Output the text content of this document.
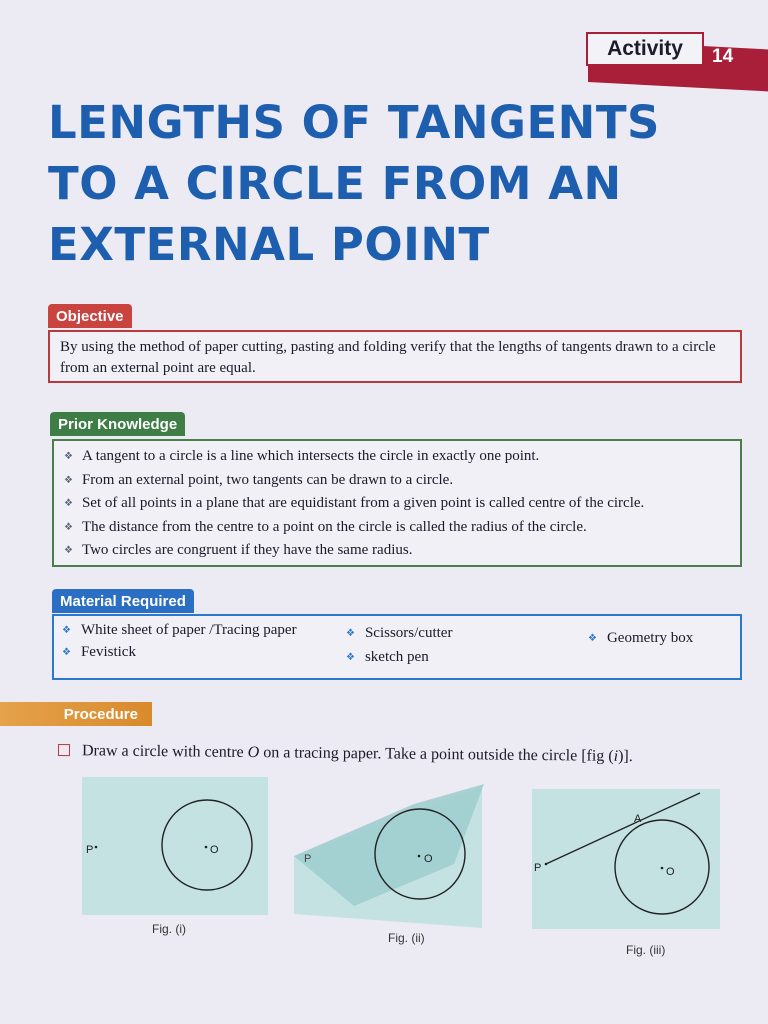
Activity	14
LENGTHS OF TANGENTS
TO A CIRCLE FROM AN
EXTERNAL POINT
Objective
By using the method of paper cutting, pasting and folding verify that the lengths of tangents drawn to a circle from an external point are equal.
Prior Knowledge
❖ A tangent to a circle is a line which intersects the circle in exactly one point.
❖ From an external point, two tangents can be drawn to a circle.
❖ Set of all points in a plane that are equidistant from a given point is called centre of the circle.
❖ The distance from the centre to a point on the circle is called the radius of the circle.
❖ Two circles are congruent if they have the same radius.
Material Required
❖ White sheet of paper /Tracing paper
❖ Fevistick
❖ Scissors/cutter
❖ sketch pen
❖ Geometry box
Procedure
Draw a circle with centre O on a tracing paper. Take a point outside the circle [fig (i)].
P	O
Fig. (i)
P	O
Fig. (ii)
P	O
A
Fig. (iii)
